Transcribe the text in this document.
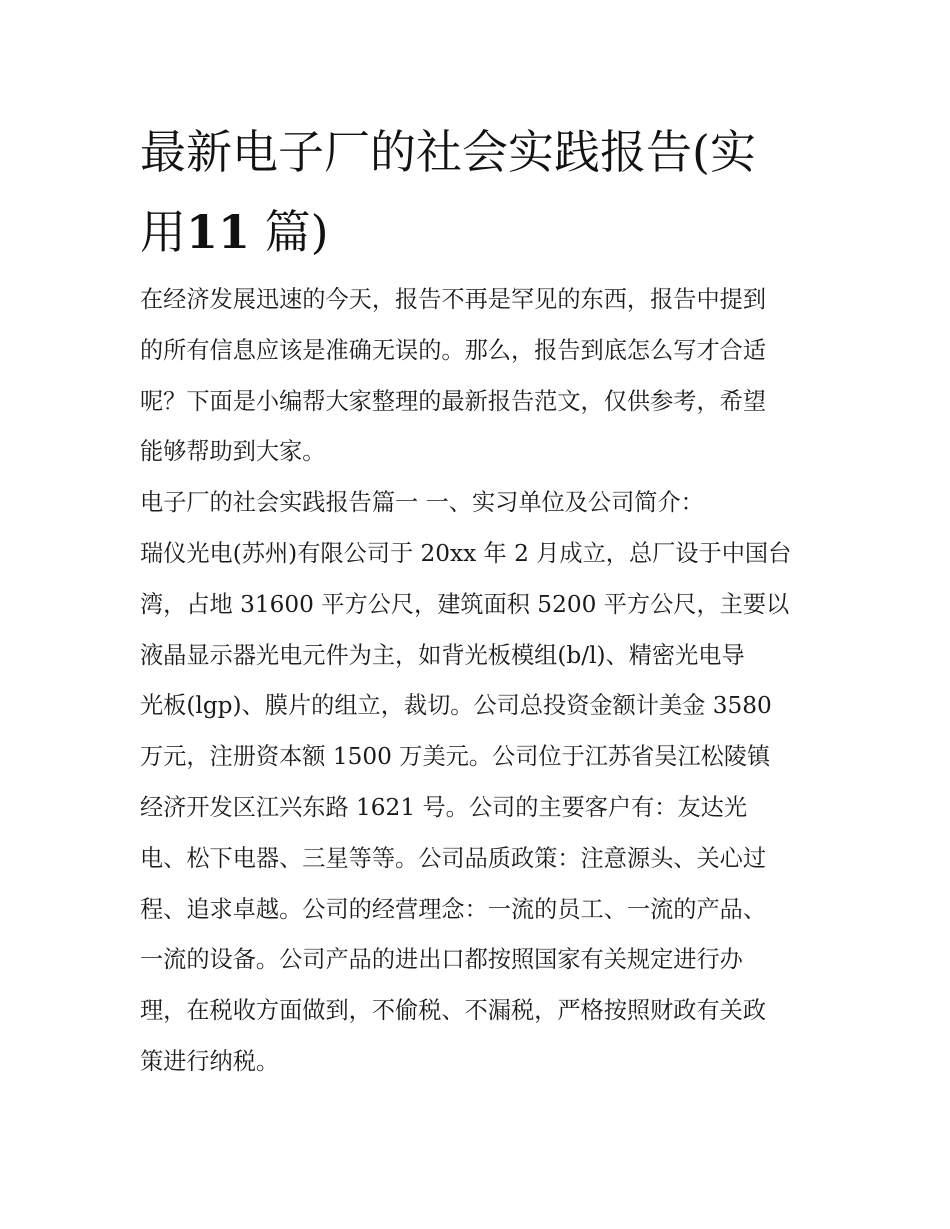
最新电子厂的社会实践报告(实
用11 篇)
在经济发展迅速的今天，报告不再是罕见的东西，报告中提到
的所有信息应该是准确无误的。那么，报告到底怎么写才合适
呢？下面是小编帮大家整理的最新报告范文，仅供参考，希望
能够帮助到大家。
电子厂的社会实践报告篇一 一、实习单位及公司简介：
瑞仪光电(苏州)有限公司于 20xx 年 2 月成立，总厂设于中国台
湾，占地 31600 平方公尺，建筑面积 5200 平方公尺，主要以
液晶显示器光电元件为主，如背光板模组(b/l)、精密光电导
光板(lgp)、膜片的组立，裁切。公司总投资金额计美金 3580
万元，注册资本额 1500 万美元。公司位于江苏省吴江松陵镇
经济开发区江兴东路 1621 号。公司的主要客户有：友达光
电、松下电器、三星等等。公司品质政策：注意源头、关心过
程、追求卓越。公司的经营理念：一流的员工、一流的产品、
一流的设备。公司产品的进出口都按照国家有关规定进行办
理，在税收方面做到，不偷税、不漏税，严格按照财政有关政
策进行纳税。
